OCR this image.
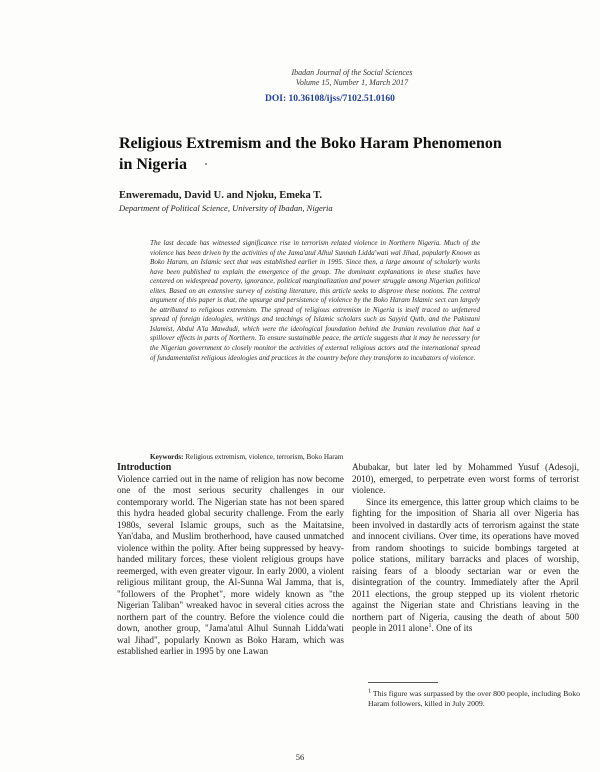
Ibadan Journal of the Social Sciences
Volume 15, Number 1, March 2017
DOI: 10.36108/ijss/7102.51.0160
Religious Extremism and the Boko Haram Phenomenon in Nigeria
Enweremadu, David U. and Njoku, Emeka T.
Department of Political Science, University of Ibadan, Nigeria

The last decade has witnessed significance rise in terrorism related violence in Northern Nigeria. Much of the violence has been driven by the activities of the Jama'atul Alhul Sunnah Lidda'wati wal Jihad, popularly Known as Boko Haram, an Islamic sect that was established earlier in 1995. Since then, a large amount of scholarly works have been published to explain the emergence of the group. The dominant explanations in these studies have centered on widespread poverty, ignorance, political marginalization and power struggle among Nigerian political elites. Based on an extensive survey of existing literature, this article seeks to disprove these notions. The central argument of this paper is that, the upsurge and persistence of violence by the Boko Haram Islamic sect can largely be attributed to religious extremism. The spread of religious extremism in Nigeria is itself traced to unfettered spread of foreign ideologies, writings and teachings of Islamic scholars such as Sayyid Qutb, and the Pakistani Islamist, Abdul A'la Mawdudi, which were the ideological foundation behind the Iranian revolution that had a spillover effects in parts of Northern. To ensure sustainable peace, the article suggests that it may be necessary for the Nigerian government to closely monitor the activities of external religious actors and the international spread of fundamentalist religious ideologies and practices in the country before they transform to incubators of violence.

Keywords: Religious extremism, violence, terrorism, Boko Haram
Introduction

Violence carried out in the name of religion has now become one of the most serious security challenges in our contemporary world. The Nigerian state has not been spared this hydra headed global security challenge. From the early 1980s, several Islamic groups, such as the Maitatsine, Yan'daba, and Muslim brotherhood, have caused unmatched violence within the polity. After being suppressed by heavy-handed military forces, these violent religious groups have reemerged, with even greater vigour. In early 2000, a violent religious militant group, the Al-Sunna Wal Jamma, that is, "followers of the Prophet", more widely known as "the Nigerian Taliban" wreaked havoc in several cities across the northern part of the country. Before the violence could die down, another group, "Jama'atul Alhul Sunnah Lidda'wati wal Jihad", popularly Known as Boko Haram, which was established earlier in 1995 by one Lawan

Abubakar, but later led by Mohammed Yusuf (Adesoji, 2010), emerged, to perpetrate even worst forms of terrorist violence.

Since its emergence, this latter group which claims to be fighting for the imposition of Sharia all over Nigeria has been involved in dastardly acts of terrorism against the state and innocent civilians. Over time, its operations have moved from random shootings to suicide bombings targeted at police stations, military barracks and places of worship, raising fears of a bloody sectarian war or even the disintegration of the country. Immediately after the April 2011 elections, the group stepped up its violent rhetoric against the Nigerian state and Christians leaving in the northern part of Nigeria, causing the death of about 500 people in 2011 alone$^1$. One of its

$^1$ This figure was surpassed by the over 800 people, including Boko Haram followers, killed in July 2009.
56
